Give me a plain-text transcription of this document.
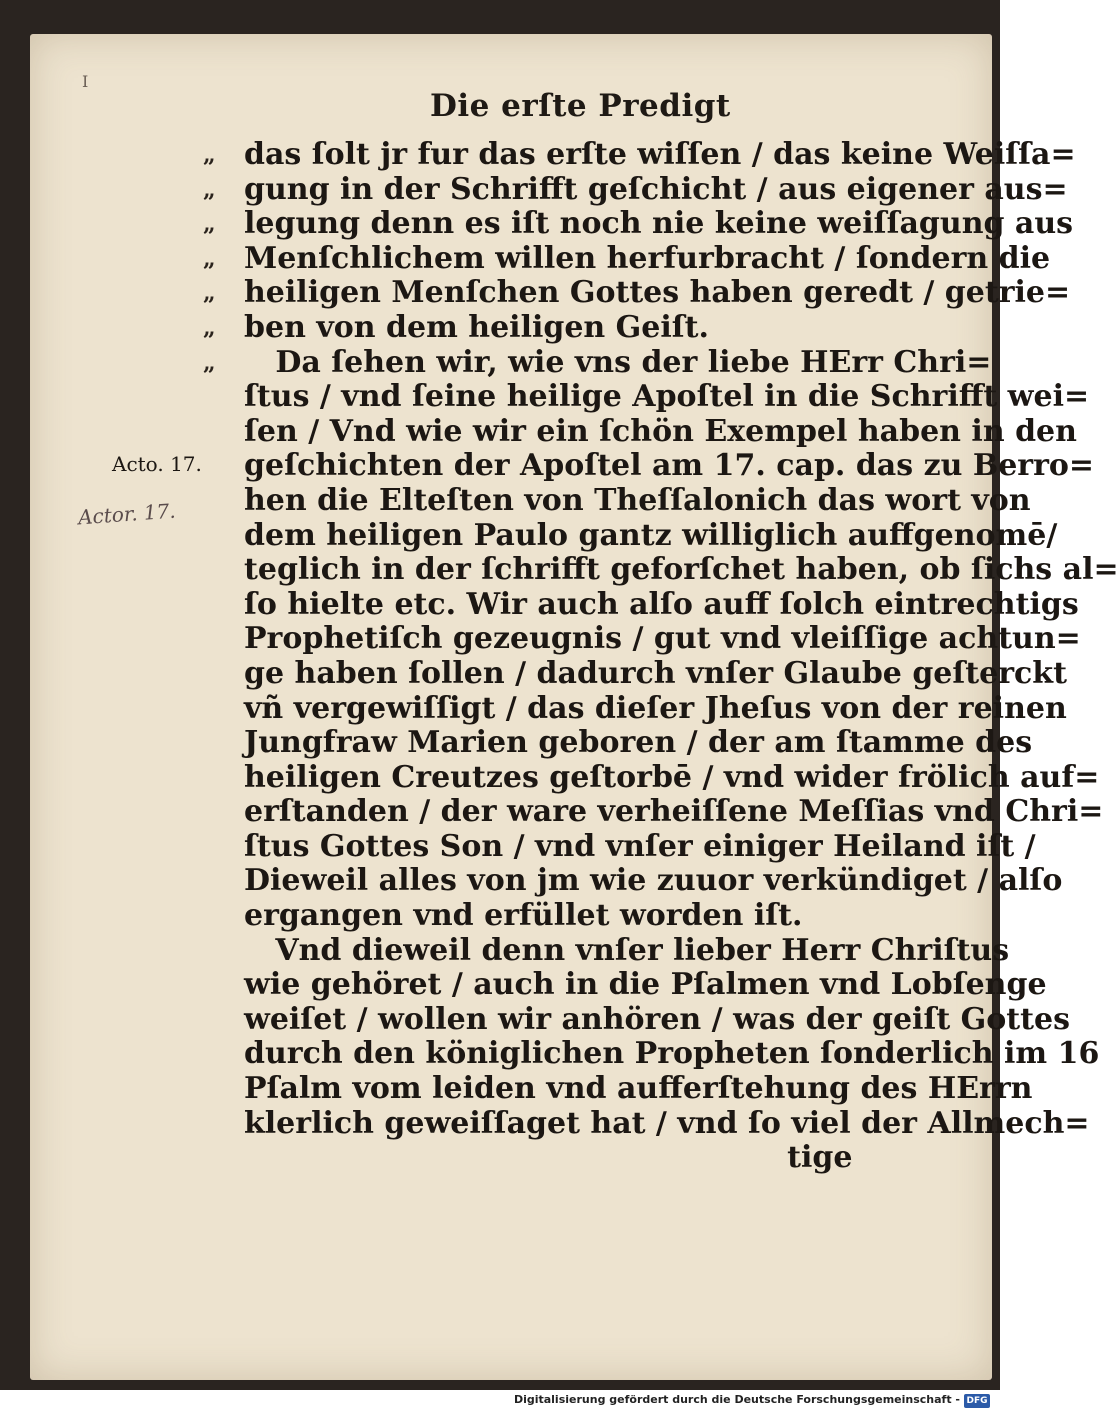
I
Die erſte Predigt
„
„
„
„
„
„
„
das ſolt jr fur das erſte wiſſen / das keine Weiſſa=
gung in der Schrifft geſchicht / aus eigener aus=
legung denn es iſt noch nie keine weiſſagung aus
Menſchlichem willen herfurbracht / ſondern die
heiligen Menſchen Gottes haben geredt / getrie=
ben von dem heiligen Geiſt.
Da ſehen wir, wie vns der liebe HErr Chri=
ſtus / vnd ſeine heilige Apoſtel in die Schrifft wei=
ſen / Vnd wie wir ein ſchön Exempel haben in den
geſchichten der Apoſtel am 17. cap. das zu Berro=
hen die Elteſten von Theſſalonich das wort von
dem heiligen Paulo gantz williglich auffgenomē/
teglich in der ſchrifft geforſchet haben, ob ſichs al=
ſo hielte etc. Wir auch alſo auff ſolch eintrechtigs
Prophetiſch gezeugnis / gut vnd vleiſſige achtun=
ge haben ſollen / dadurch vnſer Glaube geſterckt
vñ vergewiſſigt / das dieſer Jheſus von der reinen
Jungfraw Marien geboren / der am ſtamme des
heiligen Creutzes geſtorbē / vnd wider frölich auf=
erſtanden / der ware verheiſſene Meſſias vnd Chri=
ſtus Gottes Son / vnd vnſer einiger Heiland iſt /
Dieweil alles von jm wie zuuor verkündiget / alſo
ergangen vnd erfüllet worden iſt.
Vnd dieweil denn vnſer lieber Herr Chriſtus
wie gehöret / auch in die Pſalmen vnd Lobſenge
weiſet / wollen wir anhören / was der geiſt Gottes
durch den königlichen Propheten ſonderlich im 16
Pſalm vom leiden vnd aufferſtehung des HErrn
klerlich geweiſſaget hat / vnd ſo viel der Allmech=
tige
Acto. 17.
Actor. 17.
Digitalisierung gefördert durch die Deutsche Forschungsgemeinschaft - DFG
